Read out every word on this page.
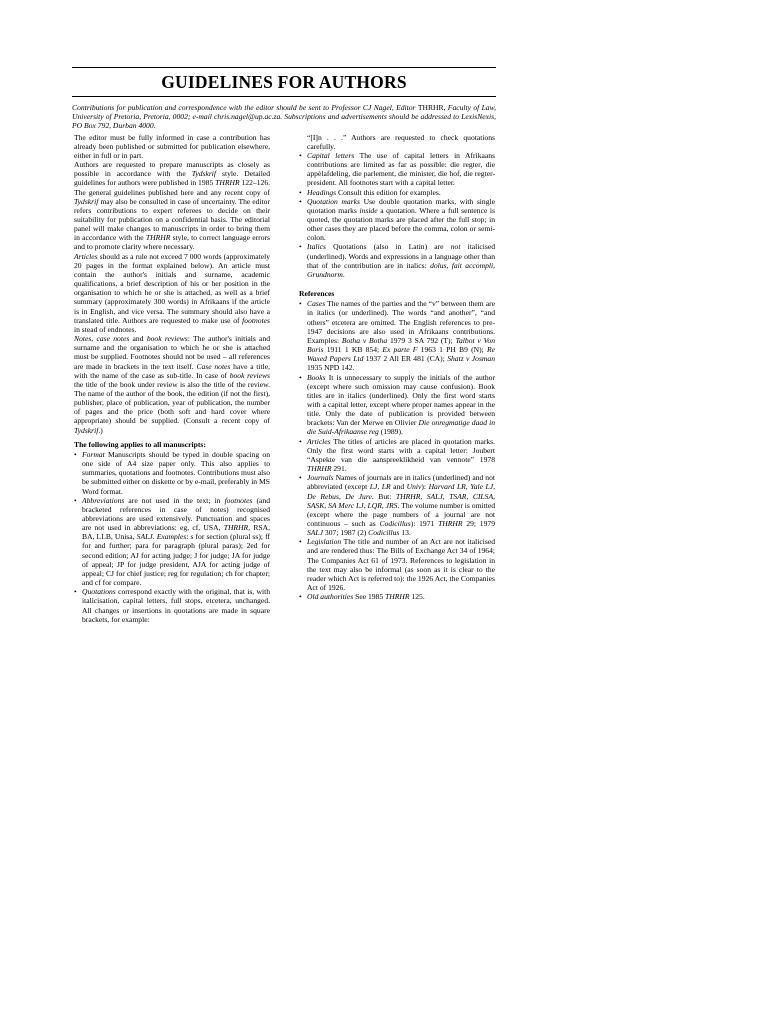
GUIDELINES FOR AUTHORS

Contributions for publication and correspondence with the editor should be sent to Professor CJ Nagel, Editor THRHR, Faculty of Law, University of Pretoria, Pretoria, 0002; e-mail chris.nagel@up.ac.za. Subscriptions and advertisements should be addressed to LexisNexis, PO Box 792, Durban 4000.

The editor must be fully informed in case a contribution has already been published or submitted for publication elsewhere, either in full or in part.

Authors are requested to prepare manuscripts as closely as possible in accordance with the Tydskrif style. Detailed guidelines for authors were published in 1985 THRHR 122–126. The general guidelines published here and any recent copy of Tydskrif may also be consulted in case of uncertainty. The editor refers contributions to expert referees to decide on their suitability for publication on a confidential basis. The editorial panel will make changes to manuscripts in order to bring them in accordance with the THRHR style, to correct language errors and to promote clarity where necessary.

Articles should as a rule not exceed 7 000 words (approximately 20 pages in the format explained below). An article must contain the author's initials and surname, academic qualifications, a brief description of his or her position in the organisation to which he or she is attached, as well as a brief summary (approximately 300 words) in Afrikaans if the article is in English, and vice versa. The summary should also have a translated title. Authors are requested to make use of footnotes in stead of endnotes.

Notes, case notes and book reviews: The author's initials and surname and the organisation to which he or she is attached must be supplied. Footnotes should not be used – all references are made in brackets in the text itself. Case notes have a title, with the name of the case as sub-title. In case of book reviews the title of the book under review is also the title of the review. The name of the author of the book, the edition (if not the first), publisher, place of publication, year of publication, the number of pages and the price (both soft and hard cover where appropriate) should be supplied. (Consult a recent copy of Tydskrif.)

The following applies to all manuscripts:
• Format Manuscripts should be typed in double spacing on one side of A4 size paper only. This also applies to summaries, quotations and footnotes. Contributions must also be submitted either on diskette or by e-mail, preferably in MS Word format.
• Abbreviations are not used in the text; in footnotes (and bracketed references in case of notes) recognised abbreviations are used extensively. Punctuation and spaces are not used in abbreviations: eg, cf, USA, THRHR, RSA, BA, LLB, Unisa, SALJ. Examples: s for section (plural ss); ff for and further; para for paragraph (plural paras); 2ed for second edition; AJ for acting judge; J for judge; JA for judge of appeal; JP for judge president, AJA for acting judge of appeal; CJ for chief justice; reg for regulation; ch for chapter; and cf for compare.
• Quotations correspond exactly with the original, that is, with italicisation, capital letters, full stops, etcetera, unchanged. All changes or insertions in quotations are made in square brackets, for example:

“[I]n . . .” Authors are requested to check quotations carefully.

• Capital letters The use of capital letters in Afrikaans contributions are limited as far as possible: die regter, die appèlafdeling, die parlement, die minister, die hof, die regter-president. All footnotes start with a capital letter.
• Headings Consult this edition for examples.
• Quotation marks Use double quotation marks, with single quotation marks inside a quotation. Where a full sentence is quoted, the quotation marks are placed after the full stop; in other cases they are placed before the comma, colon or semi-colon.
• Italics Quotations (also in Latin) are not italicised (underlined). Words and expressions in a language other than that of the contribution are in italics: dolus, fait accompli, Grundnorm.
References
• Cases The names of the parties and the “v” between them are in italics (or underlined). The words “and another”, “and others” etcetera are omitted. The English references to pre-1947 decisions are also used in Afrikaans contributions. Examples: Botha v Botha 1979 3 SA 792 (T); Talbot v Von Boris 1911 1 KB 854; Ex parte F 1963 1 PH B9 (N); Re Waxed Papers Ltd 1937 2 All ER 481 (CA); Shatz v Josman 1935 NPD 142.
• Books It is unnecessary to supply the initials of the author (except where such omission may cause confusion). Book titles are in italics (underlined). Only the first word starts with a capital letter, except where proper names appear in the title. Only the date of publication is provided between brackets: Van der Merwe en Olivier Die onregmatige daad in die Suid-Afrikaanse reg (1989).
• Articles The titles of articles are placed in quotation marks. Only the first word starts with a capital letter: Joubert “Aspekte van die aanspreeklikheid van vennote” 1978 THRHR 291.
• Journals Names of journals are in italics (underlined) and not abbreviated (except LJ, LR and Univ): Harvard LR, Yale LJ, De Rebus, De Jure. But: THRHR, SALJ, TSAR, CILSA, SASK, SA Merc LJ, LQR, JRS. The volume number is omitted (except where the page numbers of a journal are not continuous – such as Codicillus): 1971 THRHR 29; 1979 SALJ 307; 1987 (2) Codicillus 13.
• Legislation The title and number of an Act are not italicised and are rendered thus: The Bills of Exchange Act 34 of 1964; The Companies Act 61 of 1973. References to legislation in the text may also be informal (as soon as it is clear to the reader which Act is referred to): the 1926 Act, the Companies Act of 1926.
• Old authorities See 1985 THRHR 125.
